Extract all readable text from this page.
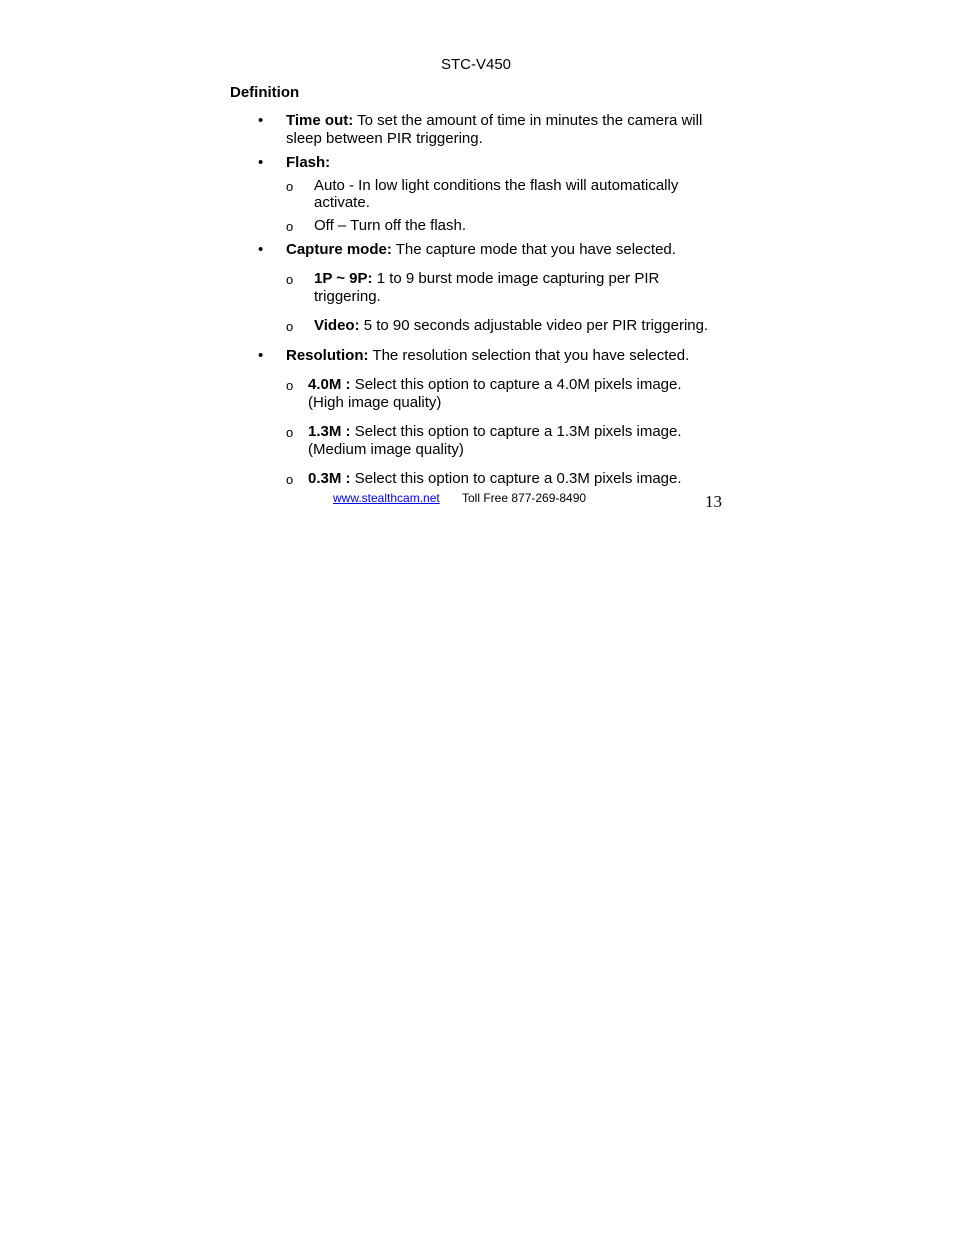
STC-V450
Definition
• Time out: To set the amount of time in minutes the camera will
sleep between PIR triggering.
• Flash:
o Auto - In low light conditions the flash will automatically
activate.
o Off – Turn off the flash.
• Capture mode: The capture mode that you have selected.
o 1P ~ 9P: 1 to 9 burst mode image capturing per PIR
triggering.
o Video: 5 to 90 seconds adjustable video per PIR triggering.
• Resolution: The resolution selection that you have selected.
o 4.0M : Select this option to capture a 4.0M pixels image.
(High image quality)
o 1.3M : Select this option to capture a 1.3M pixels image.
(Medium image quality)
o 0.3M : Select this option to capture a 0.3M pixels image.
www.stealthcam.net Toll Free 877-269-8490	13
